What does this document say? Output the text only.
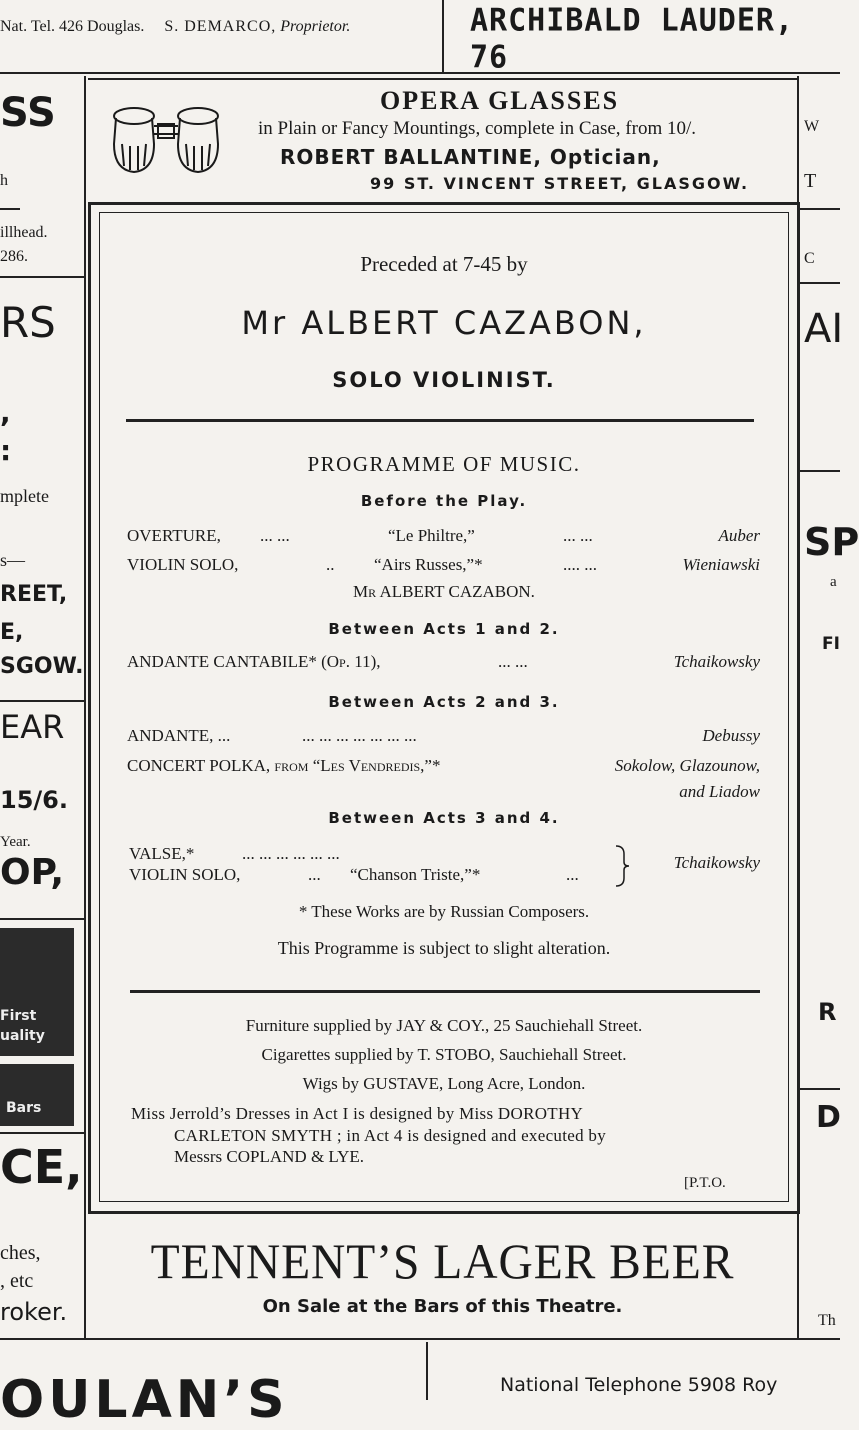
Nat. Tel. 426 Douglas. S. DEMARCO, Proprietor.	ARCHIBALD LAUDER, 76
OPERA GLASSES
in Plain or Fancy Mountings, complete in Case, from 10/.
ROBERT BALLANTINE, Optician,
99 ST. VINCENT STREET, GLASGOW.
Preceded at 7-45 by
Mr ALBERT CAZABON,
SOLO VIOLINIST.
PROGRAMME OF MUSIC.
Before the Play.
OVERTURE, ... ...	“Le Philtre,”	... ...	Auber
VIOLIN SOLO,	.. “Airs Russes,”*	.... ...	Wieniawski
Mr ALBERT CAZABON.
Between Acts 1 and 2.
ANDANTE CANTABILE* (Op. 11),	... ...	Tchaikowsky
Between Acts 2 and 3.
ANDANTE, ...	... ... ... ... ... ... ...	Debussy
CONCERT POLKA, from “Les Vendredis,”*	Sokolow, Glazounow,
and Liadow
Between Acts 3 and 4.
VALSE,*	... ... ... ... ... ...
VIOLIN SOLO,	... “Chanson Triste,”*	...
Tchaikowsky
* These Works are by Russian Composers.
This Programme is subject to slight alteration.
Furniture supplied by JAY & COY., 25 Sauchiehall Street.
Cigarettes supplied by T. STOBO, Sauchiehall Street.
Wigs by GUSTAVE, Long Acre, London.
Miss Jerrold’s Dresses in Act I is designed by Miss DOROTHY
CARLETON SMYTH ; in Act 4 is designed and executed by
Messrs COPLAND & LYE.
[P.T.O.
TENNENT’S LAGER BEER
On Sale at the Bars of this Theatre.
SS
h
illhead.
286.
RS
,
:
mplete
s—
REET,
E,
SGOW.
EAR
15/6.
Year.
OP,
First
uality
Bars
CE,
ches,
, etc
roker.
W
T
C
AI
SP
a
FI
R
D
Th
OULAN’S	National Telephone 5908 Roy
